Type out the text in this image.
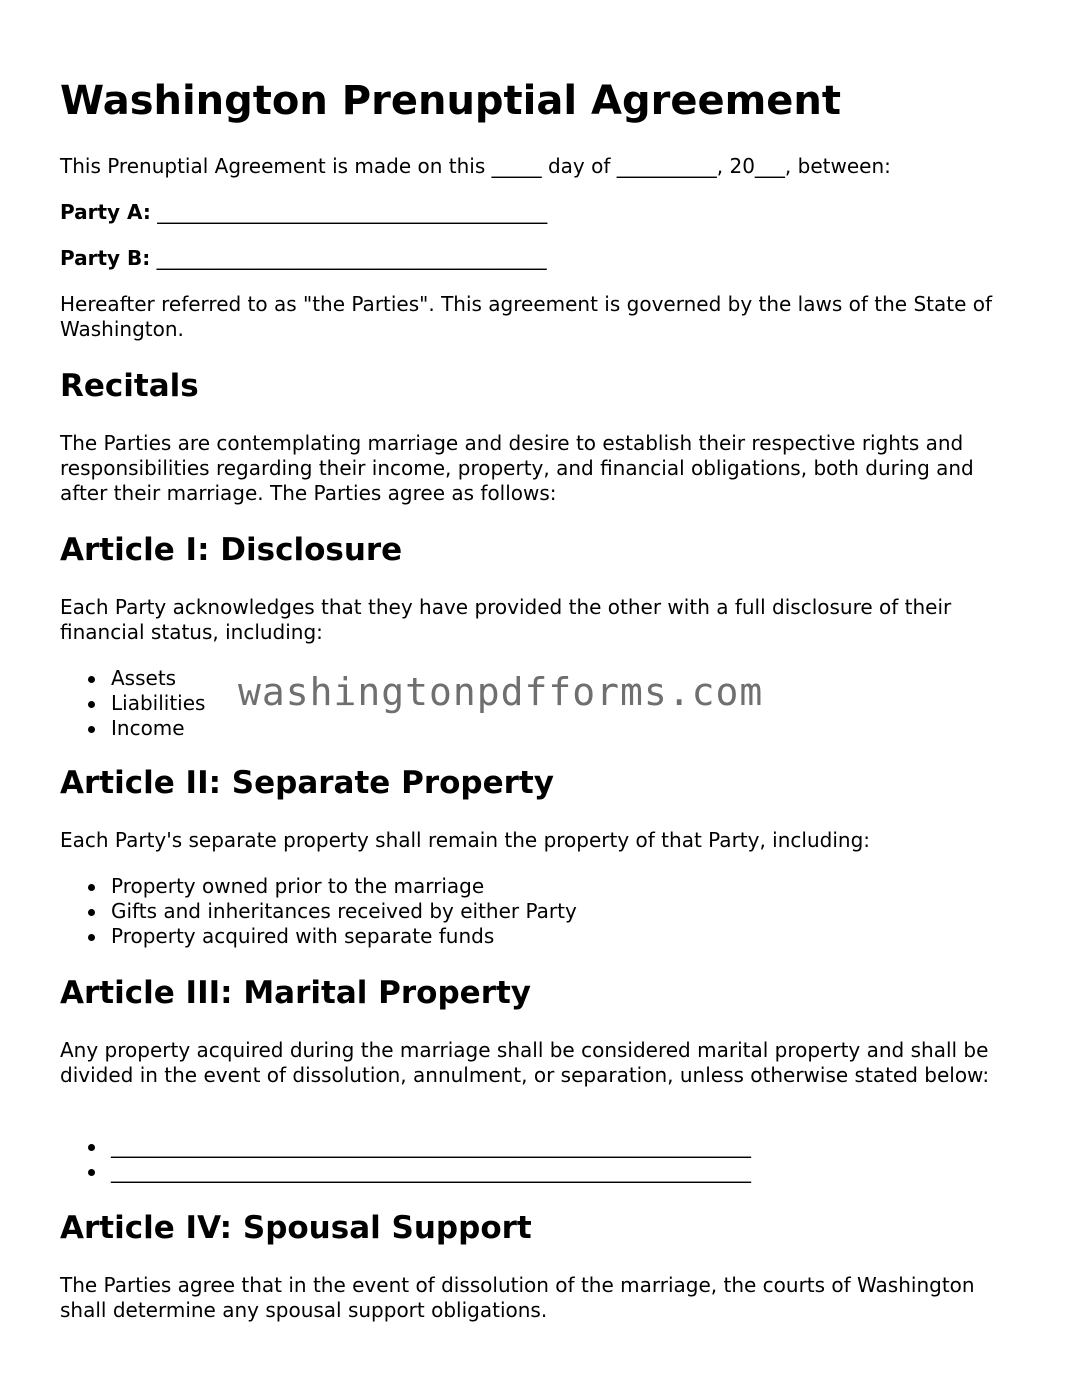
Washington Prenuptial Agreement

This Prenuptial Agreement is made on this _____ day of __________, 20___, between:

Party A: _______________________________________
Party B: _______________________________________

Hereafter referred to as "the Parties". This agreement is governed by the laws of the State of Washington.

Recitals

The Parties are contemplating marriage and desire to establish their respective rights and responsibilities regarding their income, property, and financial obligations, both during and after their marriage. The Parties agree as follows:

Article I: Disclosure

Each Party acknowledges that they have provided the other with a full disclosure of their financial status, including:

Assets
Liabilities
Income
Article II: Separate Property

Each Party's separate property shall remain the property of that Party, including:

Property owned prior to the marriage
Gifts and inheritances received by either Party
Property acquired with separate funds
Article III: Marital Property

Any property acquired during the marriage shall be considered marital property and shall be divided in the event of dissolution, annulment, or separation, unless otherwise stated below:

________________________________________________________________
________________________________________________________________
Article IV: Spousal Support

The Parties agree that in the event of dissolution of the marriage, the courts of Washington shall determine any spousal support obligations.

washingtonpdfforms.com
